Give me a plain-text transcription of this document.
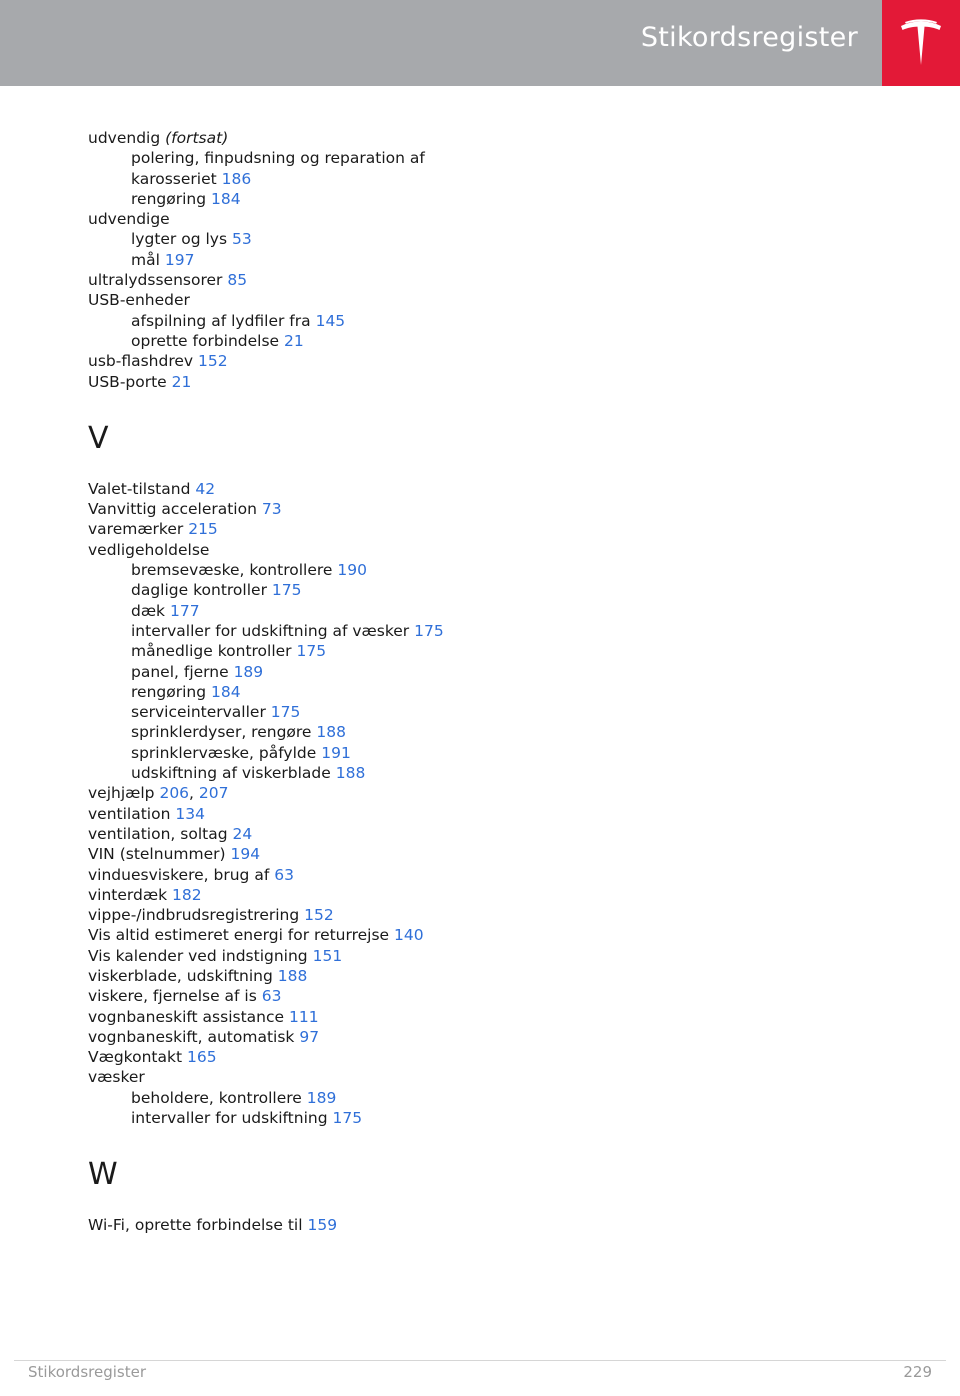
Stikordsregister
udvendig (fortsat)
polering, finpudsning og reparation af
karosseriet 186
rengøring 184
udvendige
lygter og lys 53
mål 197
ultralydssensorer 85
USB-enheder
afspilning af lydfiler fra 145
oprette forbindelse 21
usb-flashdrev 152
USB-porte 21
V
Valet-tilstand 42
Vanvittig acceleration 73
varemærker 215
vedligeholdelse
bremsevæske, kontrollere 190
daglige kontroller 175
dæk 177
intervaller for udskiftning af væsker 175
månedlige kontroller 175
panel, fjerne 189
rengøring 184
serviceintervaller 175
sprinklerdyser, rengøre 188
sprinklervæske, påfylde 191
udskiftning af viskerblade 188
vejhjælp 206, 207
ventilation 134
ventilation, soltag 24
VIN (stelnummer) 194
vinduesviskere, brug af 63
vinterdæk 182
vippe-/indbrudsregistrering 152
Vis altid estimeret energi for returrejse 140
Vis kalender ved indstigning 151
viskerblade, udskiftning 188
viskere, fjernelse af is 63
vognbaneskift assistance 111
vognbaneskift, automatisk 97
Vægkontakt 165
væsker
beholdere, kontrollere 189
intervaller for udskiftning 175
W
Wi-Fi, oprette forbindelse til 159
Stikordsregister	229
